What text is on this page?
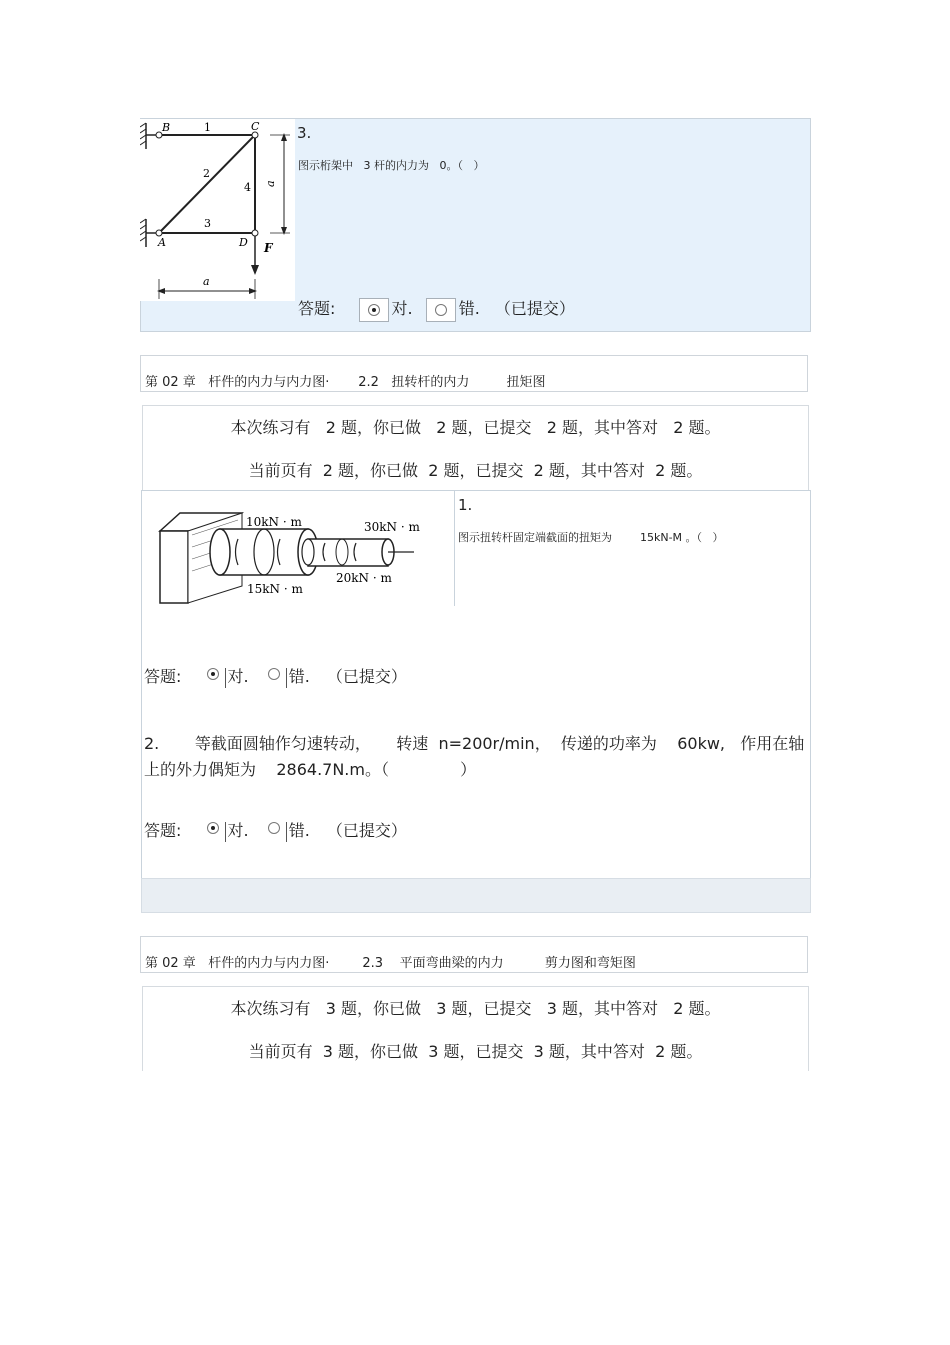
B	C
A	D F
1
2
3
4 a
a
3.
图示桁架中   3 杆的内力为   0。（   ）
答题:	对.	错. （已提交）
第 02 章   杆件的内力与内力图·       2.2   扭转杆的内力         扭矩图
本次练习有   2 题，你已做   2 题，已提交   2 题，其中答对   2 题。
当前页有  2 题，你已做  2 题，已提交  2 题，其中答对  2 题。
10kN · m	30kN · m
15kN · m
20kN · m
1.
图示扭转杆固定端截面的扭矩为        15kN-M 。（   ）
答题:	对.	错. （已提交）
2.       等截面圆轴作匀速转动，     转速  n=200r/min，  传递的功率为    60kw,   作用在轴
上的外力偶矩为    2864.7N.m。（              ）
答题:	对.	错. （已提交）
第 02 章   杆件的内力与内力图·        2.3    平面弯曲梁的内力          剪力图和弯矩图
本次练习有   3 题，你已做   3 题，已提交   3 题，其中答对   2 题。
当前页有  3 题，你已做  3 题，已提交  3 题，其中答对  2 题。
